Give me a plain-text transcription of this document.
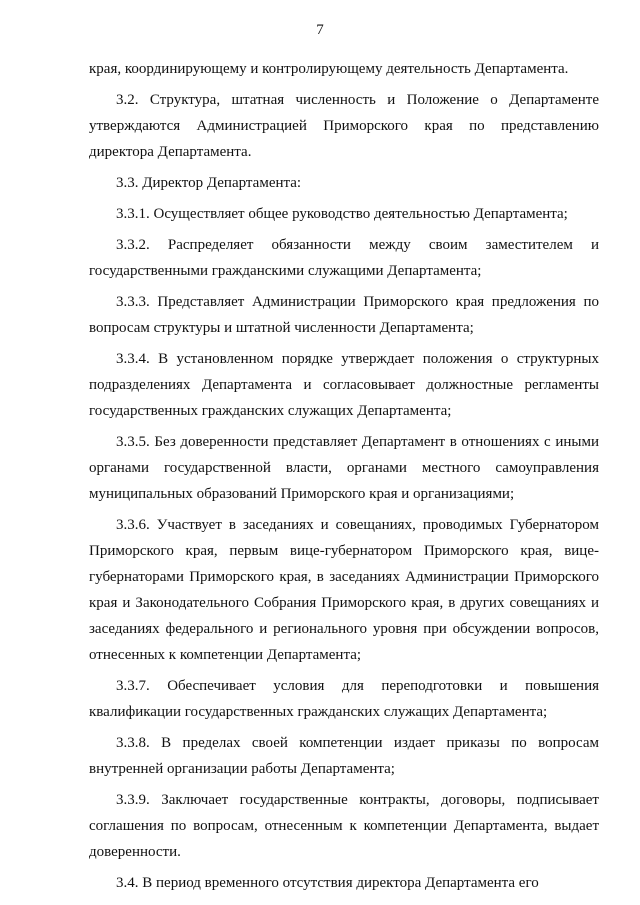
7

края, координирующему и контролирующему деятельность Департамента.

3.2. Структура, штатная численность и Положение о Департаменте утверждаются Администрацией Приморского края по представлению директора Департамента.

3.3. Директор Департамента:

3.3.1. Осуществляет общее руководство деятельностью Департамента;

3.3.2. Распределяет обязанности между своим заместителем и государственными гражданскими служащими Департамента;

3.3.3. Представляет Администрации Приморского края предложения по вопросам структуры и штатной численности Департамента;

3.3.4. В установленном порядке утверждает положения о структурных подразделениях Департамента и согласовывает должностные регламенты государственных гражданских служащих Департамента;

3.3.5. Без доверенности представляет Департамент в отношениях с иными органами государственной власти, органами местного самоуправления муниципальных образований Приморского края и организациями;

3.3.6. Участвует в заседаниях и совещаниях, проводимых Губернатором Приморского края, первым вице-губернатором Приморского края, вице-губернаторами Приморского края, в заседаниях Администрации Приморского края и Законодательного Собрания Приморского края, в других совещаниях и заседаниях федерального и регионального уровня при обсуждении вопросов, отнесенных к компетенции Департамента;

3.3.7. Обеспечивает условия для переподготовки и повышения квалификации государственных гражданских служащих Департамента;

3.3.8. В пределах своей компетенции издает приказы по вопросам внутренней организации работы Департамента;

3.3.9. Заключает государственные контракты, договоры, подписывает соглашения по вопросам, отнесенным к компетенции Департамента, выдает доверенности.

3.4. В период временного отсутствия директора Департамента его
